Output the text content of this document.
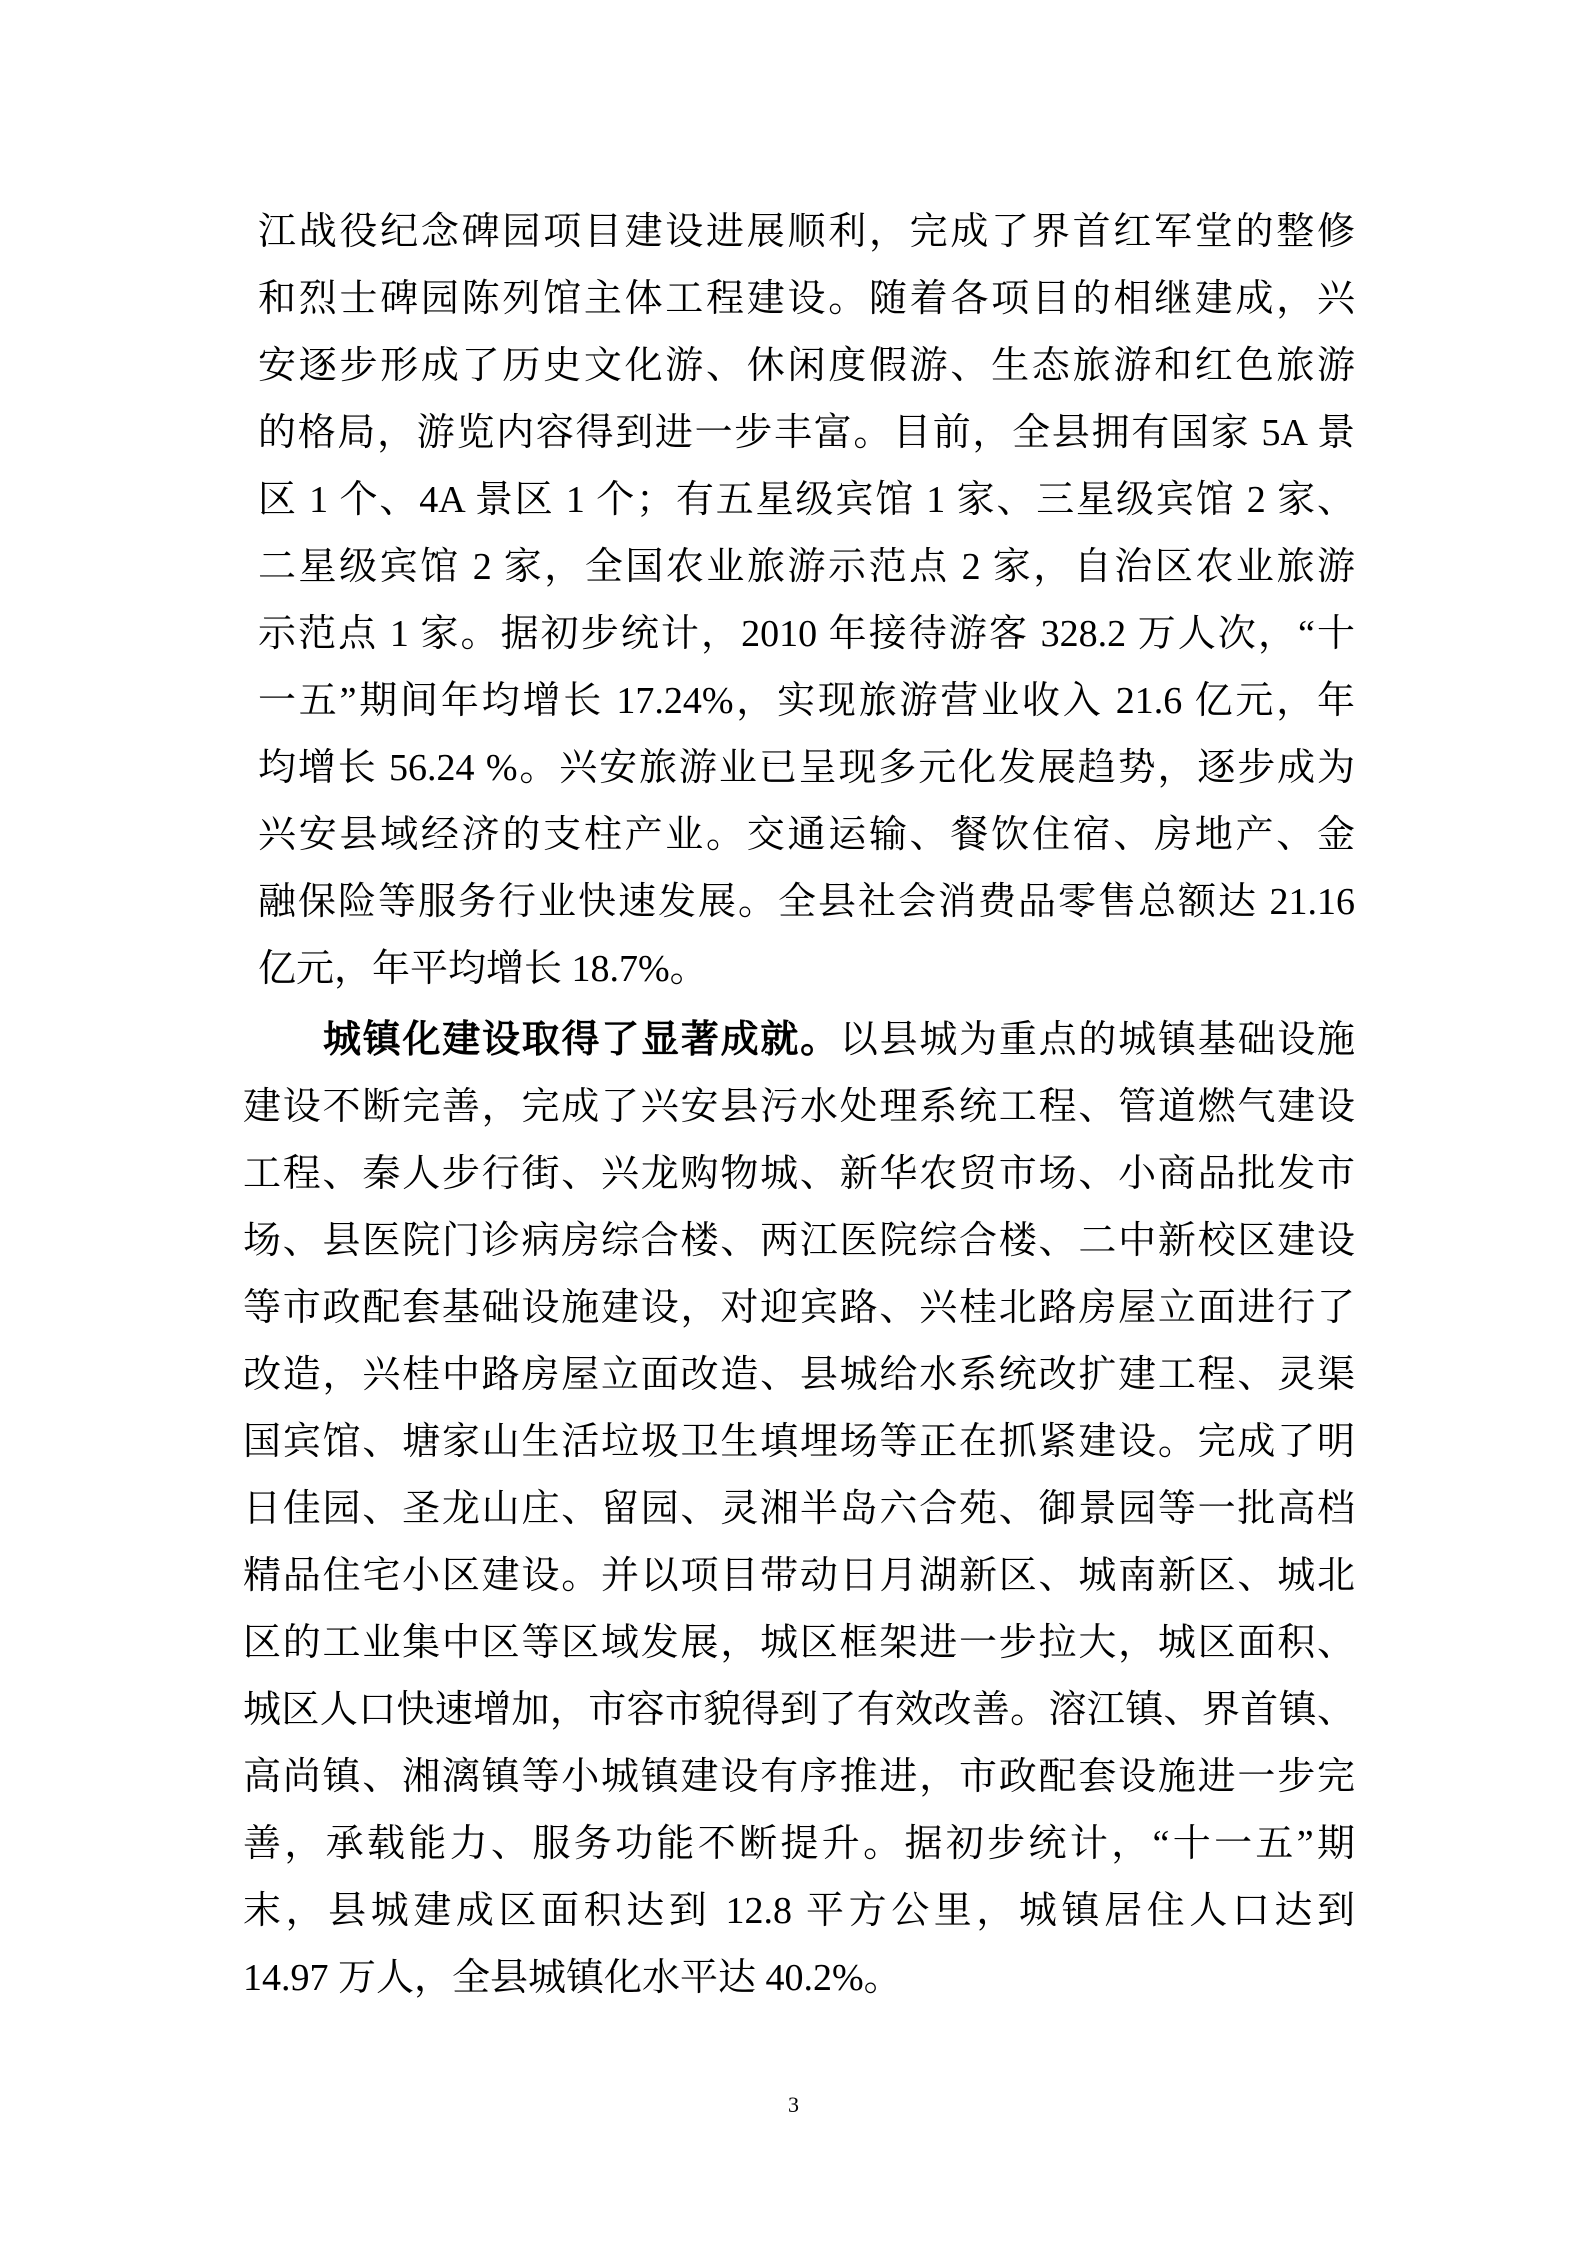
江战役纪念碑园项目建设进展顺利，完成了界首红军堂的整修
和烈士碑园陈列馆主体工程建设。随着各项目的相继建成，兴
安逐步形成了历史文化游、休闲度假游、生态旅游和红色旅游
的格局，游览内容得到进一步丰富。目前，全县拥有国家 5A 景
区 1 个、4A 景区 1 个；有五星级宾馆 1 家、三星级宾馆 2 家、
二星级宾馆 2 家，全国农业旅游示范点 2 家，自治区农业旅游
示范点 1 家。据初步统计，2010 年接待游客 328.2 万人次，“十
一五”期间年均增长 17.24%，实现旅游营业收入 21.6 亿元，年
均增长 56.24 %。兴安旅游业已呈现多元化发展趋势，逐步成为
兴安县域经济的支柱产业。交通运输、餐饮住宿、房地产、金
融保险等服务行业快速发展。全县社会消费品零售总额达 21.16
亿元，年平均增长 18.7%。
城镇化建设取得了显著成就。以县城为重点的城镇基础设施
建设不断完善，完成了兴安县污水处理系统工程、管道燃气建设
工程、秦人步行街、兴龙购物城、新华农贸市场、小商品批发市
场、县医院门诊病房综合楼、两江医院综合楼、二中新校区建设
等市政配套基础设施建设，对迎宾路、兴桂北路房屋立面进行了
改造，兴桂中路房屋立面改造、县城给水系统改扩建工程、灵渠
国宾馆、塘家山生活垃圾卫生填埋场等正在抓紧建设。完成了明
日佳园、圣龙山庄、留园、灵湘半岛六合苑、御景园等一批高档
精品住宅小区建设。并以项目带动日月湖新区、城南新区、城北
区的工业集中区等区域发展，城区框架进一步拉大，城区面积、
城区人口快速增加，市容市貌得到了有效改善。溶江镇、界首镇、
高尚镇、湘漓镇等小城镇建设有序推进，市政配套设施进一步完
善，承载能力、服务功能不断提升。据初步统计，“十一五”期
末，县城建成区面积达到 12.8 平方公里，城镇居住人口达到
14.97 万人，全县城镇化水平达 40.2%。
3
